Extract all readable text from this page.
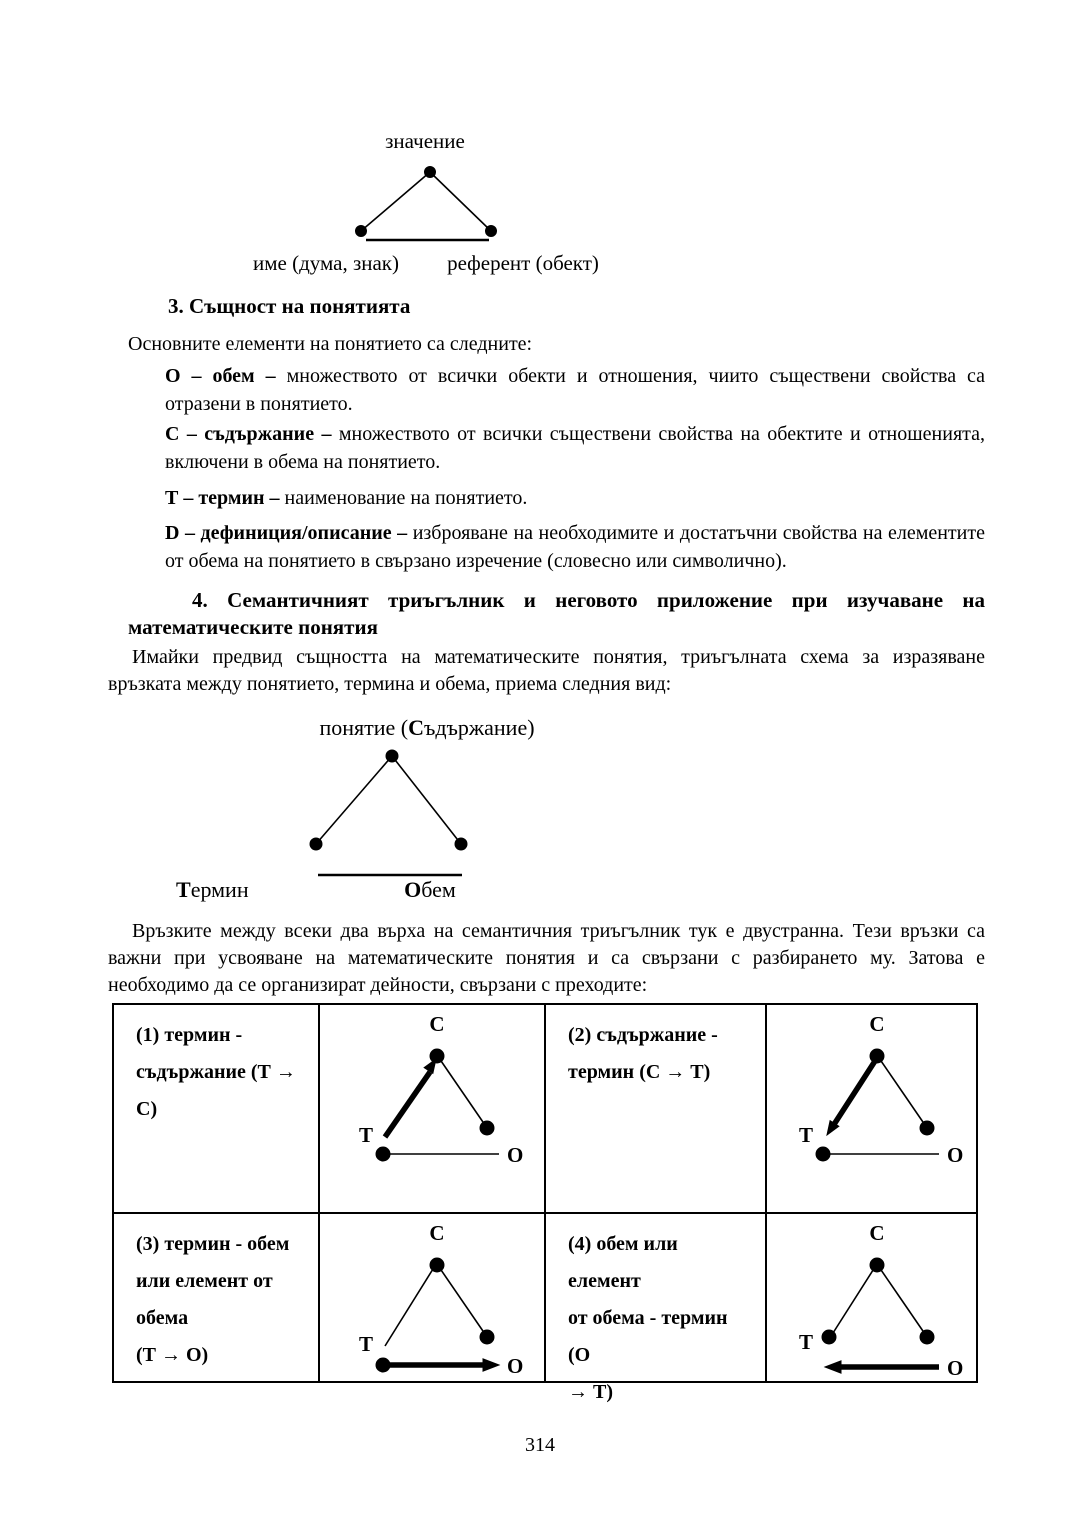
значение
име (дума, знак)	референт (обект)
3. Същност на понятията
Основните елементи на понятието са следните:
О – обем – множеството от всички обекти и отношения, чиито съществени свойства са отразени в понятието.
С – съдържание – множеството от всички съществени свойства на обектите и отношенията, включени в обема на понятието.
Т – термин – наименование на понятието.
D – дефиниция/описание – изброяване на необходимите и достатъчни свойства на елементите от обема на понятието в свързано изречение (словесно или символично).
4. Семантичният триъгълник и неговото приложение при изучаване на
математическите понятия
Имайки предвид същността на математическите понятия, триъгълната схема за изразяване връзката между понятието, термина и обема, приема следния вид:
понятие (Съдържание)
Термин	Обем
Връзките между всеки два върха на семантичния триъгълник тук е двустранна. Тези връзки са важни при усвояване на математическите понятия и са свързани с разбирането му. Затова е необходимо да се организират дейности, свързани с преходите:
(1) термин -
съдържание (Т →
С)
С
Т
О
(2) съдържание -
термин (С → Т)
С
Т
О
(3) термин - обем
или елемент от
обема
(Т → О)
С
Т
О
(4) обем или елемент
от обема - термин (О
→ Т)
С
Т
О
314
